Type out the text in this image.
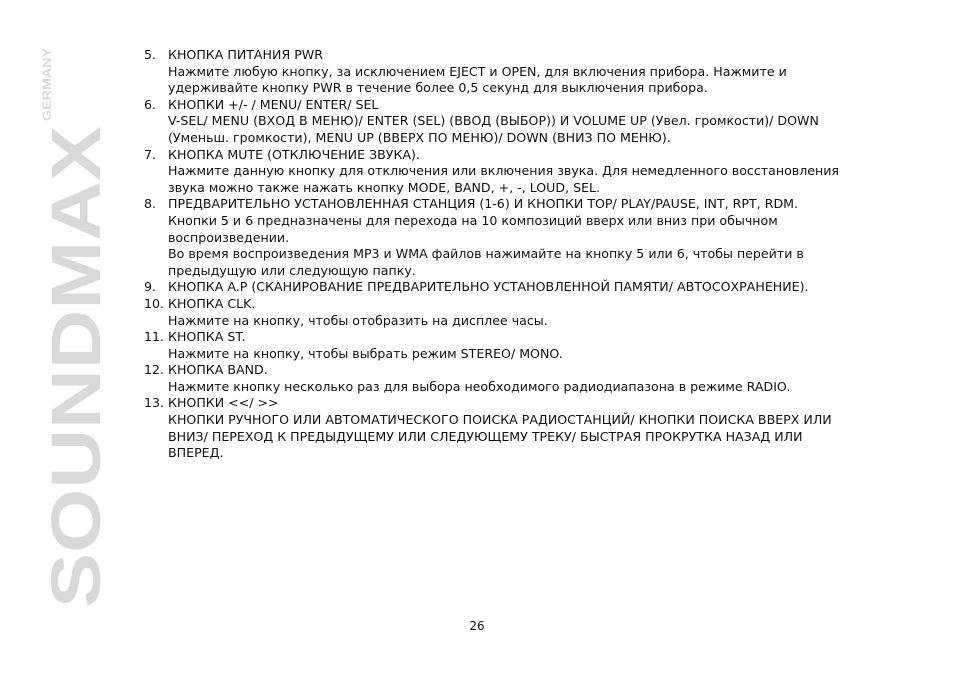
SOUNDMAX
GERMANY
5. КНОПКА ПИТАНИЯ PWR
Нажмите любую кнопку, за исключением EJECT и OPEN, для включения прибора. Нажмите и
удерживайте кнопку PWR в течение более 0,5 секунд для выключения прибора.
6. КНОПКИ +/- / MENU/ ENTER/ SEL
V-SEL/ MENU (ВХОД В МЕНЮ)/ ENTER (SEL) (ВВОД (ВЫБОР)) И VOLUME UP (Увел. громкости)/ DOWN
(Уменьш. громкости), MENU UP (ВВЕРХ ПО МЕНЮ)/ DOWN (ВНИЗ ПО МЕНЮ).
7. КНОПКА MUTE (ОТКЛЮЧЕНИЕ ЗВУКА).
Нажмите данную кнопку для отключения или включения звука. Для немедленного восстановления
звука можно также нажать кнопку MODE, BAND, +, -, LOUD, SEL.
8. ПРЕДВАРИТЕЛЬНО УСТАНОВЛЕННАЯ СТАНЦИЯ (1-6) И КНОПКИ TOP/ PLAY/PAUSE, INT, RPT, RDM.
Кнопки 5 и 6 предназначены для перехода на 10 композиций вверх или вниз при обычном
воспроизведении.
Во время воспроизведения MP3 и WMA файлов нажимайте на кнопку 5 или 6, чтобы перейти в
предыдущую или следующую папку.
9. КНОПКА A.P (СКАНИРОВАНИЕ ПРЕДВАРИТЕЛЬНО УСТАНОВЛЕННОЙ ПАМЯТИ/ АВТОСОХРАНЕНИЕ).
10. КНОПКА CLK.
Нажмите на кнопку, чтобы отобразить на дисплее часы.
11. КНОПКА ST.
Нажмите на кнопку, чтобы выбрать режим STEREO/ MONO.
12. КНОПКА BAND.
Нажмите кнопку несколько раз для выбора необходимого радиодиапазона в режиме RADIO.
13. КНОПКИ <</ >>
КНОПКИ РУЧНОГО ИЛИ АВТОМАТИЧЕСКОГО ПОИСКА РАДИОСТАНЦИЙ/ КНОПКИ ПОИСКА ВВЕРХ ИЛИ
ВНИЗ/ ПЕРЕХОД К ПРЕДЫДУЩЕМУ ИЛИ СЛЕДУЮЩЕМУ ТРЕКУ/ БЫСТРАЯ ПРОКРУТКА НАЗАД ИЛИ
ВПЕРЕД.
26
